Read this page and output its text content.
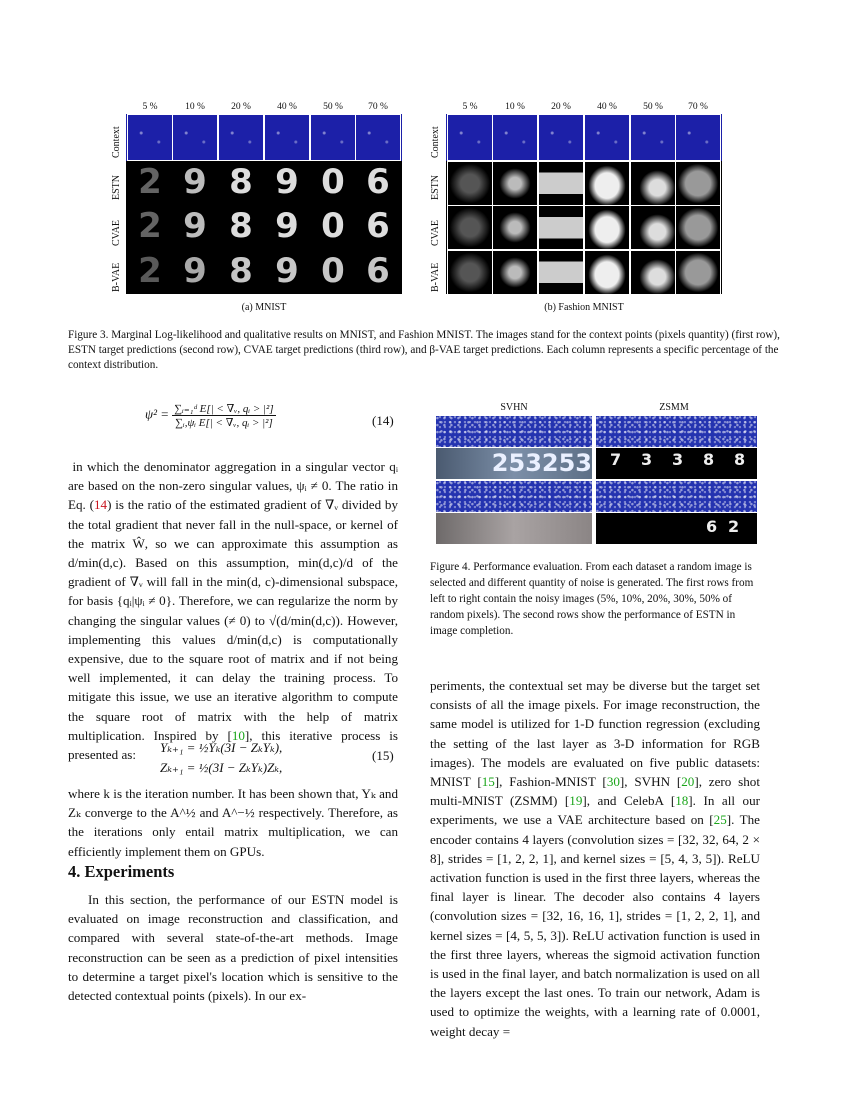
5 %	10 %	20 %	40 %	50 %	70 %
Context
ESTN
CVAE
B-VAE
2 9 8 9 0 6
2 9 8 9 0 6
2 9 8 9 0 6
(a) MNIST
5 %	10 %	20 %	40 %	50 %	70 %
Context
ESTN
CVAE
B-VAE
(b) Fashion MNIST
Figure 3. Marginal Log-likelihood and qualitative results on MNIST, and Fashion MNIST. The images stand for the context points (pixels quantity) (first row), ESTN target predictions (second row), CVAE target predictions (third row), and β-VAE target predictions. Each column represents a specific percentage of the context distribution.
$\psi^2 = \frac{\text{∑ᵢ₌₁ᵈ E[| < ∇ᵥ, qᵢ > |²]}}{\text{∑ᵢ,ψᵢ E[| < ∇ᵥ, qᵢ > |²]}}$	(14)

in which the denominator aggregation in a singular vector qᵢ are based on the non-zero singular values, ψᵢ ≠ 0. The ratio in Eq. (14) is the ratio of the estimated gradient of ∇ᵥ divided by the total gradient that never fall in the null-space, or kernel of the matrix Ŵ, so we can approximate this assumption as d/min(d,c). Based on this assumption, min(d,c)/d of the gradient of ∇ᵥ will fall in the min(d, c)-dimensional subspace, for basis {qᵢ|ψᵢ ≠ 0}. Therefore, we can regularize the norm by changing the singular values (≠ 0) to √(d/min(d,c)). However, implementing this values d/min(d,c) is computationally expensive, due to the square root of matrix and if not being well implemented, it can delay the training process. To mitigate this issue, we use an iterative algorithm to compute the square root of matrix with the help of matrix multiplication. Inspired by [10], this iterative process is presented as:	Yₖ₊₁ = ½Yₖ(3I − ZₖYₖ),
Zₖ₊₁ = ½(3I − ZₖYₖ)Zₖ,
(15)
where k is the iteration number. It has been shown that, Yₖ and Zₖ converge to the A^½ and A^−½ respectively. Therefore, as the iterations only entail matrix multiplication, we can efficiently implement them on GPUs.
4. Experiments
In this section, the performance of our ESTN model is evaluated on image reconstruction and classification, and compared with several state-of-the-art methods. Image reconstruction can be seen as a prediction of pixel intensities to determine a target pixel's location which is sensitive to the detected contextual points (pixels). In our ex-
SVHN	ZSMM
253253 7 3 3 8 8
6 2
Figure 4. Performance evaluation. From each dataset a random image is selected and different quantity of noise is generated. The first rows from left to right contain the noisy images (5%, 10%, 20%, 30%, 50% of random pixels). The second rows show the performance of ESTN in image completion.

periments, the contextual set may be diverse but the target set consists of all the image pixels. For image reconstruction, the same model is utilized for 1-D function regression (excluding the setting of the last layer as 3-D information for RGB images). The models are evaluated on five public datasets: MNIST [15], Fashion-MNIST [30], SVHN [20], zero shot multi-MNIST (ZSMM) [19], and CelebA [18]. In all our experiments, we use a VAE architecture based on [25]. The encoder contains 4 layers (convolution sizes = [32, 32, 64, 2 × 8], strides = [1, 2, 2, 1], and kernel sizes = [5, 4, 3, 5]). ReLU activation function is used in the first three layers, whereas the final layer is linear. The decoder also contains 4 layers (convolution sizes = [32, 16, 16, 1], strides = [1, 2, 2, 1], and kernel sizes = [4, 5, 5, 3]). ReLU activation function is used in the first three layers, whereas the sigmoid activation function is used in the final layer, and batch normalization is used on all the layers except the last ones. To train our network, Adam is used to optimize the weights, with a learning rate of 0.0001, weight decay =
